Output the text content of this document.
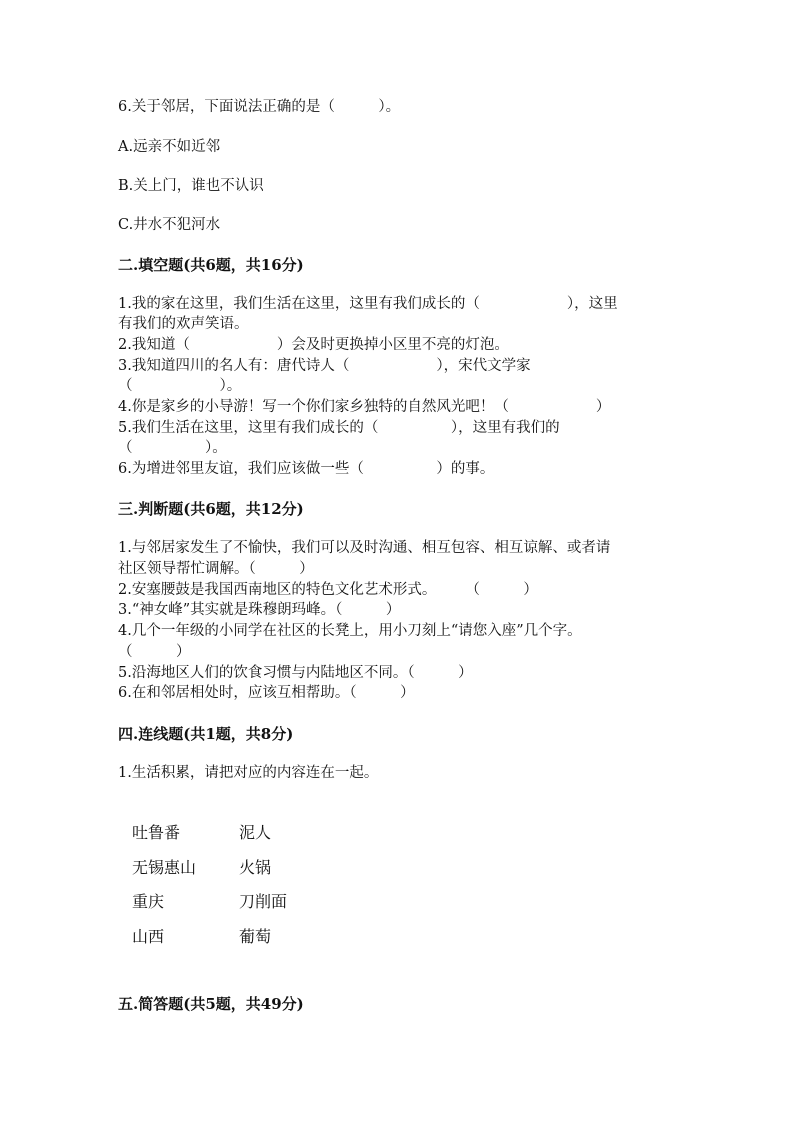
6.关于邻居，下面说法正确的是（　　　）。
A.远亲不如近邻
B.关上门，谁也不认识
C.井水不犯河水
二.填空题(共6题，共16分)
1.我的家在这里，我们生活在这里，这里有我们成长的（　　　　　　），这里
有我们的欢声笑语。
2.我知道（　　　　　　）会及时更换掉小区里不亮的灯泡。
3.我知道四川的名人有：唐代诗人（　　　　　　），宋代文学家
（　　　　　　）。
4.你是家乡的小导游！写一个你们家乡独特的自然风光吧！（　　　　　　）
5.我们生活在这里，这里有我们成长的（　　　　　），这里有我们的
（　　　　　）。
6.为增进邻里友谊，我们应该做一些（　　　　　）的事。
三.判断题(共6题，共12分)
1.与邻居家发生了不愉快，我们可以及时沟通、相互包容、相互谅解、或者请
社区领导帮忙调解。（　　　）
2.安塞腰鼓是我国西南地区的特色文化艺术形式。　　　（　　　）
3.“神女峰”其实就是珠穆朗玛峰。（　　　）
4.几个一年级的小同学在社区的长凳上，用小刀刻上“请您入座”几个字。
（　　　）
5.沿海地区人们的饮食习惯与内陆地区不同。（　　　）
6.在和邻居相处时，应该互相帮助。（　　　）
四.连线题(共1题，共8分)
1.生活积累，请把对应的内容连在一起。
吐鲁番	泥人
无锡惠山	火锅
重庆	刀削面
山西	葡萄
五.简答题(共5题，共49分)
